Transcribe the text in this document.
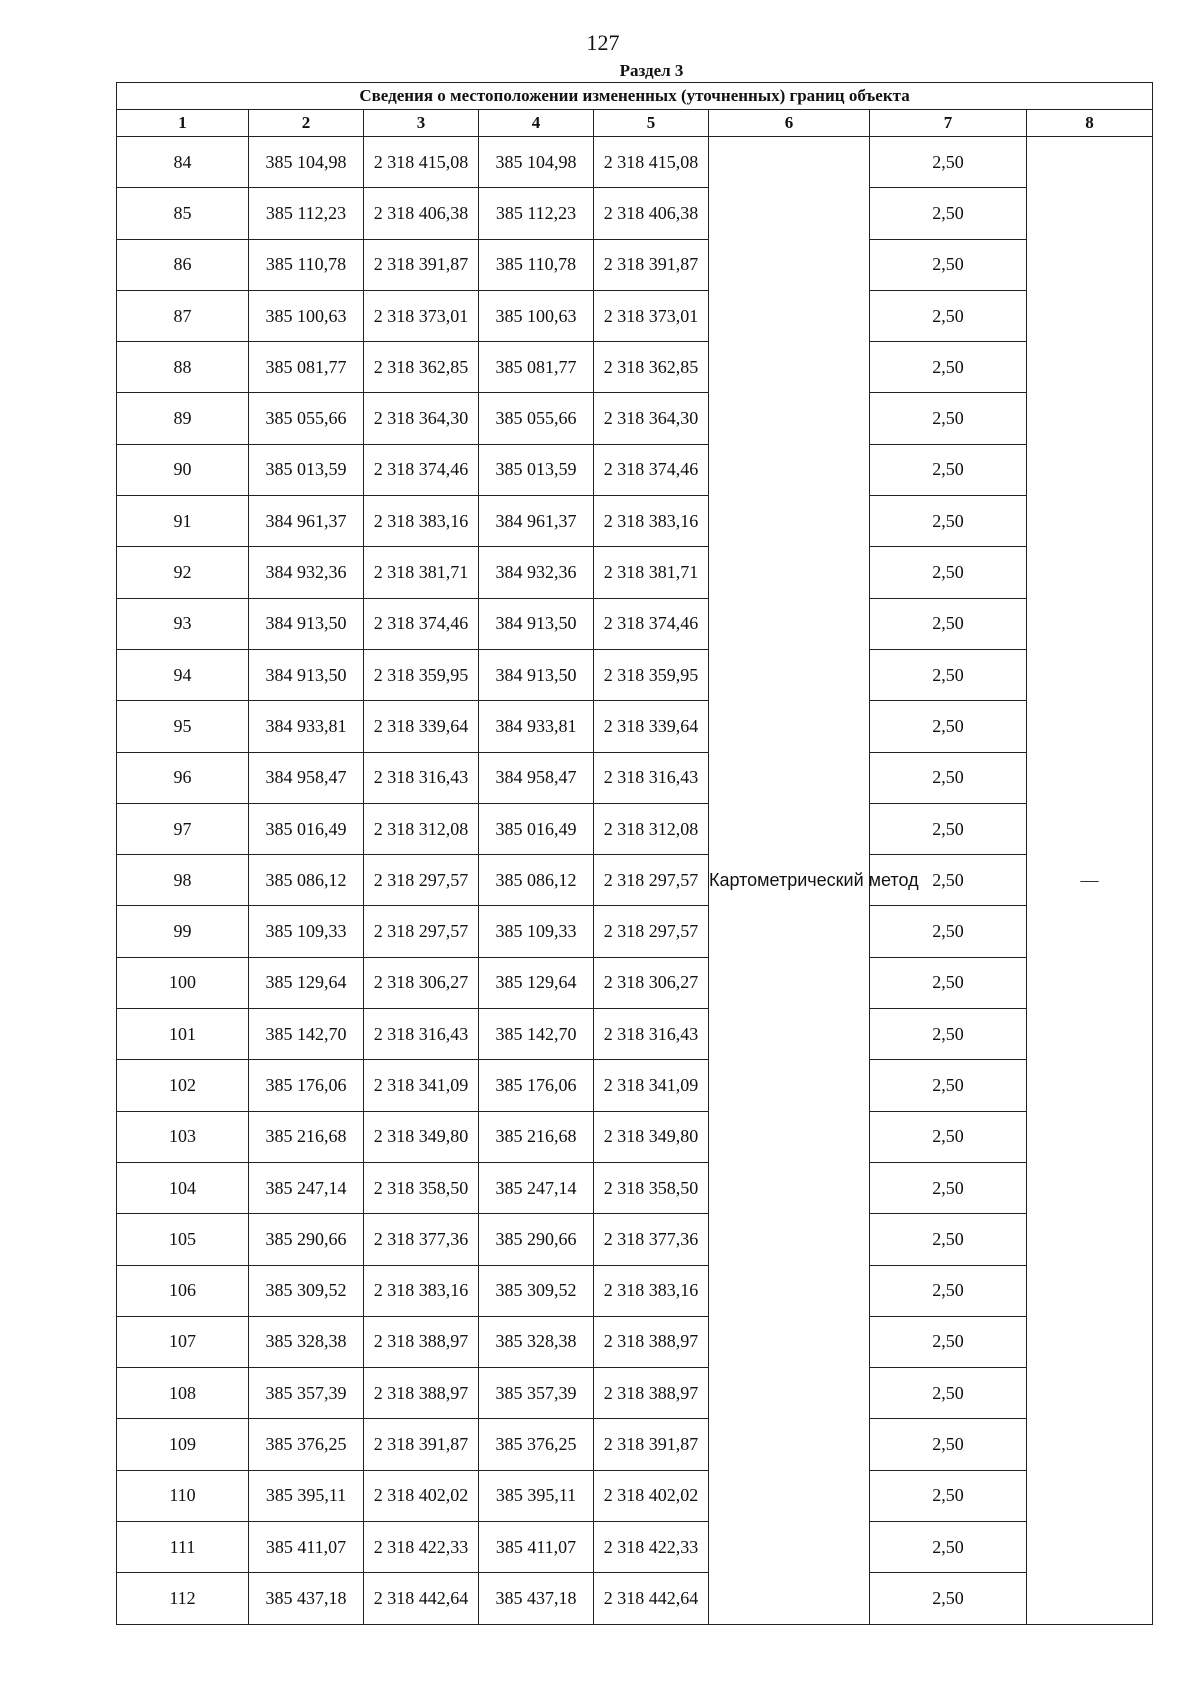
127
Раздел 3
Сведения о местоположении измененных (уточненных) границ объекта							
1	2	3	4	5	6	7	8
84	385 104,98	2 318 415,08	385 104,98	2 318 415,08	Картометрический метод	2,50	—
85	385 112,23	2 318 406,38	385 112,23	2 318 406,38		2,50	
86	385 110,78	2 318 391,87	385 110,78	2 318 391,87		2,50	
87	385 100,63	2 318 373,01	385 100,63	2 318 373,01		2,50	
88	385 081,77	2 318 362,85	385 081,77	2 318 362,85		2,50	
89	385 055,66	2 318 364,30	385 055,66	2 318 364,30		2,50	
90	385 013,59	2 318 374,46	385 013,59	2 318 374,46		2,50	
91	384 961,37	2 318 383,16	384 961,37	2 318 383,16		2,50	
92	384 932,36	2 318 381,71	384 932,36	2 318 381,71		2,50	
93	384 913,50	2 318 374,46	384 913,50	2 318 374,46		2,50	
94	384 913,50	2 318 359,95	384 913,50	2 318 359,95		2,50	
95	384 933,81	2 318 339,64	384 933,81	2 318 339,64		2,50	
96	384 958,47	2 318 316,43	384 958,47	2 318 316,43		2,50	
97	385 016,49	2 318 312,08	385 016,49	2 318 312,08		2,50	
98	385 086,12	2 318 297,57	385 086,12	2 318 297,57		2,50	
99	385 109,33	2 318 297,57	385 109,33	2 318 297,57		2,50	
100	385 129,64	2 318 306,27	385 129,64	2 318 306,27		2,50	
101	385 142,70	2 318 316,43	385 142,70	2 318 316,43		2,50	
102	385 176,06	2 318 341,09	385 176,06	2 318 341,09		2,50	
103	385 216,68	2 318 349,80	385 216,68	2 318 349,80		2,50	
104	385 247,14	2 318 358,50	385 247,14	2 318 358,50		2,50	
105	385 290,66	2 318 377,36	385 290,66	2 318 377,36		2,50	
106	385 309,52	2 318 383,16	385 309,52	2 318 383,16		2,50	
107	385 328,38	2 318 388,97	385 328,38	2 318 388,97		2,50	
108	385 357,39	2 318 388,97	385 357,39	2 318 388,97		2,50	
109	385 376,25	2 318 391,87	385 376,25	2 318 391,87		2,50	
110	385 395,11	2 318 402,02	385 395,11	2 318 402,02		2,50	
111	385 411,07	2 318 422,33	385 411,07	2 318 422,33		2,50	
112	385 437,18	2 318 442,64	385 437,18	2 318 442,64		2,50	
